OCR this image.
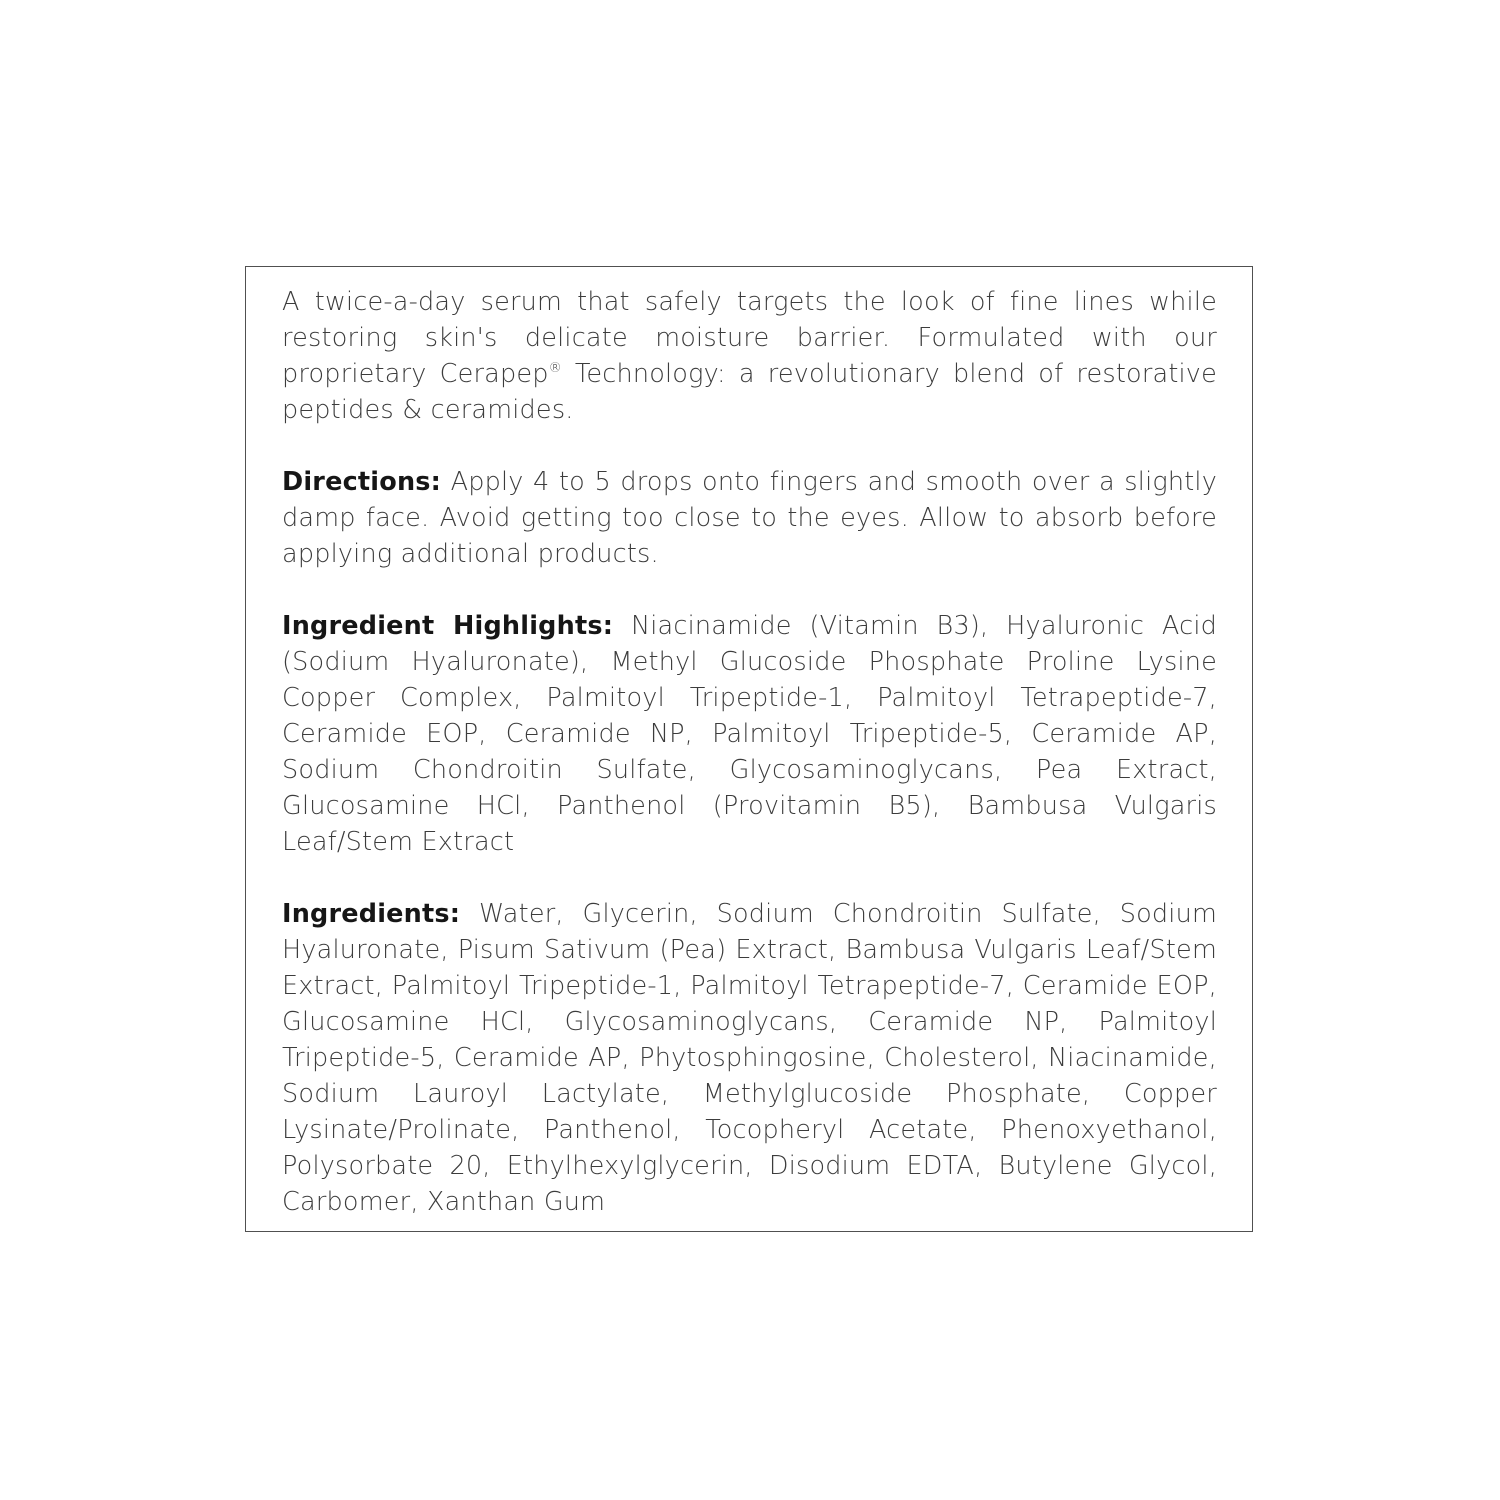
A twice-a-day serum that safely targets the look of fine lines while restoring skin's delicate moisture barrier. Formulated with our proprietary Cerapep® Technology: a revolutionary blend of restorative peptides & ceramides.

Directions: Apply 4 to 5 drops onto fingers and smooth over a slightly damp face. Avoid getting too close to the eyes. Allow to absorb before applying additional products.

Ingredient Highlights: Niacinamide (Vitamin B3), Hyaluronic Acid (Sodium Hyaluronate), Methyl Glucoside Phosphate Proline Lysine Copper Complex, Palmitoyl Tripeptide-1, Palmitoyl Tetrapeptide-7, Ceramide EOP, Ceramide NP, Palmitoyl Tripeptide-5, Ceramide AP, Sodium Chondroitin Sulfate, Glycosaminoglycans, Pea Extract, Glucosamine HCl, Panthenol (Provitamin B5), Bambusa Vulgaris Leaf/Stem Extract

Ingredients: Water, Glycerin, Sodium Chondroitin Sulfate, Sodium Hyaluronate, Pisum Sativum (Pea) Extract, Bambusa Vulgaris Leaf/Stem Extract, Palmitoyl Tripeptide-1, Palmitoyl Tetrapeptide-7, Ceramide EOP, Glucosamine HCl, Glycosaminoglycans, Ceramide NP, Palmitoyl Tripeptide-5, Ceramide AP, Phytosphingosine, Cholesterol, Niacinamide, Sodium Lauroyl Lactylate, Methylglucoside Phosphate, Copper Lysinate/Prolinate, Panthenol, Tocopheryl Acetate, Phenoxyethanol, Polysorbate 20, Ethylhexylglycerin, Disodium EDTA, Butylene Glycol, Carbomer, Xanthan Gum
